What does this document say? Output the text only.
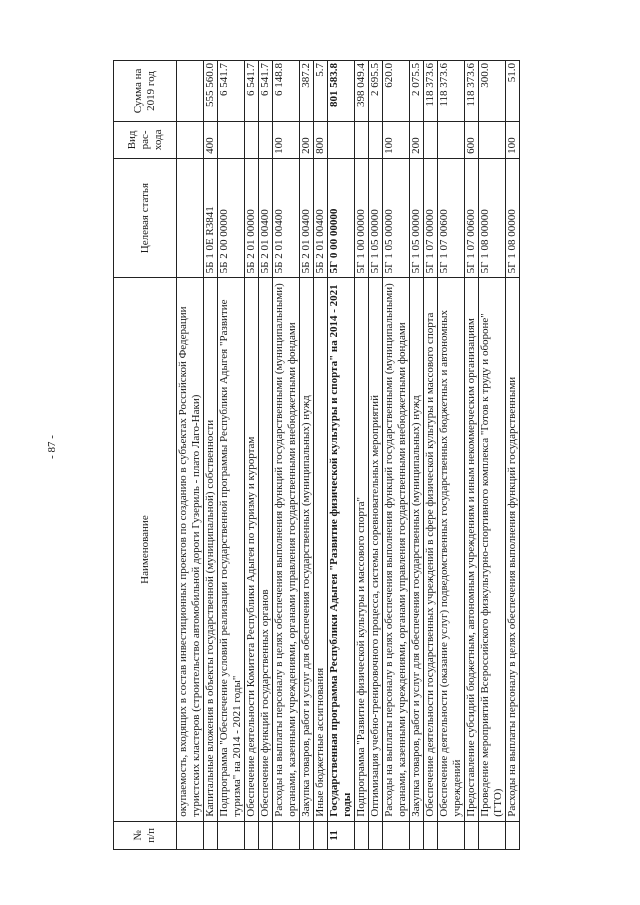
- 87 -
№ п/п	Наименование	Целевая статья	Вид рас-хода	Сумма на 2019 год
	окупаемость, входящих в состав инвестиционных проектов по созданию в субъектах Российской Федерации туристских кластеров (строительство автомобильной дороги Гузериль - плато Лаго-Наки)			
	Капитальные вложения в объекты государственной (муниципальной) собственности	5Б 1 0Е R3841	400	555 560.0
	Подпрограмма "Обеспечение условий реализации государственной программы Республики Адыгея "Развитие туризма" на 2014 - 2021 годы"	5Б 2 00 00000		6 541.7
	Обеспечение деятельности Комитета Республики Адыгея по туризму и курортам	5Б 2 01 00000		6 541.7
	Обеспечение функций государственных органов	5Б 2 01 00400		6 541.7
	Расходы на выплаты персоналу в целях обеспечения выполнения функций государственными (муниципальными) органами, казенными учреждениями, органами управления государственными внебюджетными фондами	5Б 2 01 00400	100	6 148.8
	Закупка товаров, работ и услуг для обеспечения государственных (муниципальных) нужд	5Б 2 01 00400	200	387.2
	Иные бюджетные ассигнования	5Б 2 01 00400	800	5.7
11	Государственная программа Республики Адыгея "Развитие физической культуры и спорта" на 2014 - 2021 годы	5Г 0 00 00000		801 583.8
	Подпрограмма "Развитие физической культуры и массового спорта"	5Г 1 00 00000		398 049.4
	Оптимизация учебно-тренировочного процесса, системы соревновательных мероприятий	5Г 1 05 00000		2 695.5
	Расходы на выплаты персоналу в целях обеспечения выполнения функций государственными (муниципальными) органами, казенными учреждениями, органами управления государственными внебюджетными фондами	5Г 1 05 00000	100	620.0
	Закупка товаров, работ и услуг для обеспечения государственных (муниципальных) нужд	5Г 1 05 00000	200	2 075.5
	Обеспечение деятельности государственных учреждений в сфере физической культуры и массового спорта	5Г 1 07 00000		118 373.6
	Обеспечение деятельности (оказание услуг) подведомственных государственных бюджетных и автономных учреждений	5Г 1 07 00600		118 373.6
	Предоставление субсидий бюджетным, автономным учреждениям и иным некоммерческим организациям	5Г 1 07 00600	600	118 373.6
	Проведение мероприятий Всероссийского физкультурно-спортивного комплекса "Готов к труду и обороне" (ГТО)	5Г 1 08 00000		300.0
	Расходы на выплаты персоналу в целях обеспечения выполнения функций государственными	5Г 1 08 00000	100	51.0
